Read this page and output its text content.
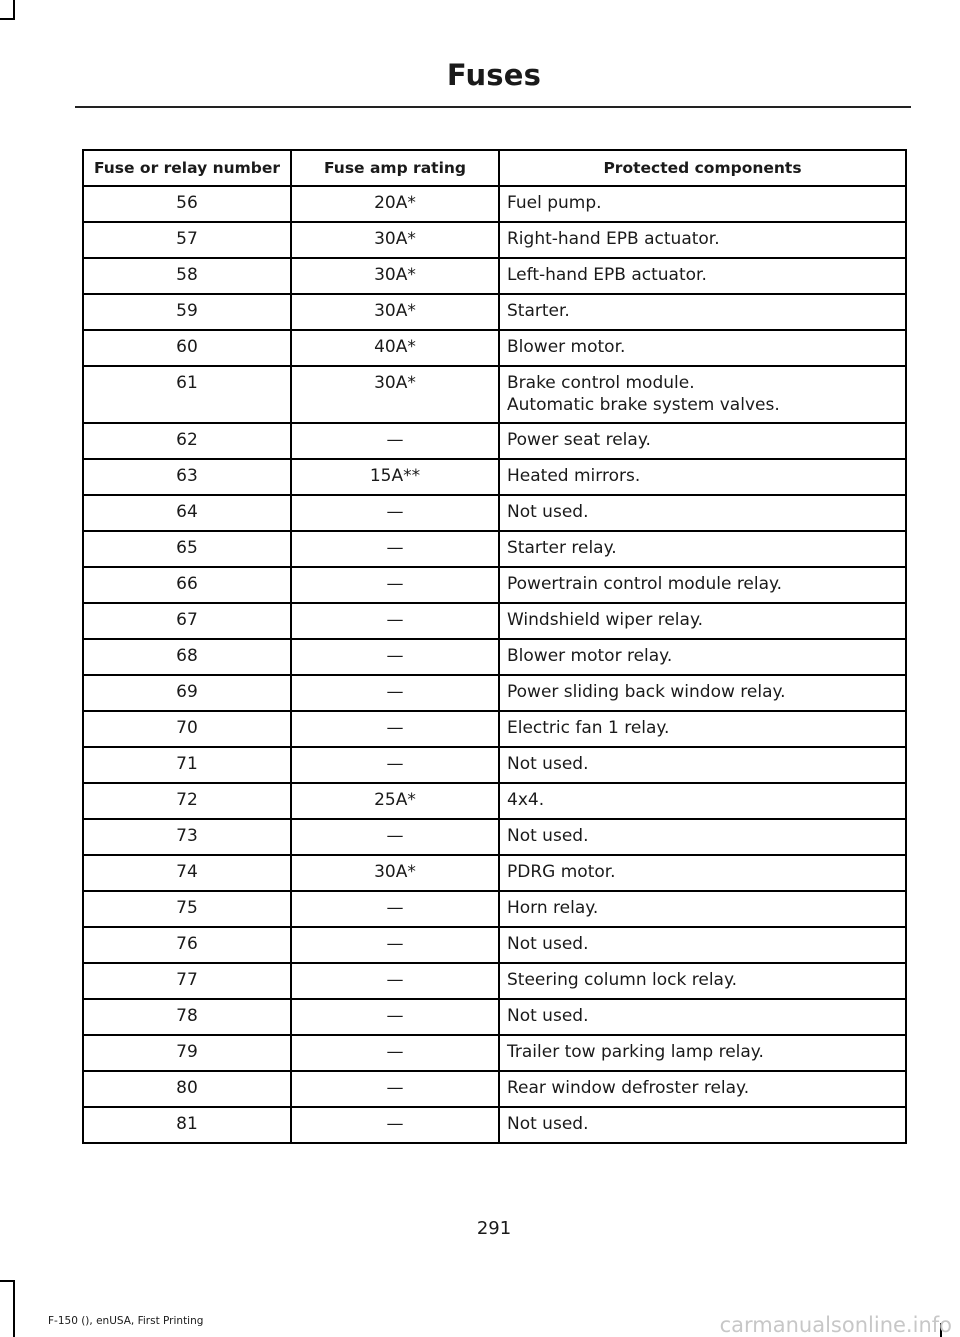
Fuses
Fuse or relay number	Fuse amp rating	Protected components
56	20A*	Fuel pump.

57	30A*	Right-hand EPB actuator.

58	30A*	Left-hand EPB actuator.

59	30A*	Starter.

60	40A*	Blower motor.

61	30A*	Brake control module.
Automatic brake system valves.

62	—	Power seat relay.

63	15A**	Heated mirrors.

64	—	Not used.

65	—	Starter relay.

66	—	Powertrain control module relay.

67	—	Windshield wiper relay.

68	—	Blower motor relay.

69	—	Power sliding back window relay.

70	—	Electric fan 1 relay.

71	—	Not used.

72	25A*	4x4.

73	—	Not used.

74	30A*	PDRG motor.

75	—	Horn relay.

76	—	Not used.

77	—	Steering column lock relay.

78	—	Not used.

79	—	Trailer tow parking lamp relay.

80	—	Rear window defroster relay.

81	—	Not used.
291
F-150 (), enUSA, First Printing	carmanualsonline.info
